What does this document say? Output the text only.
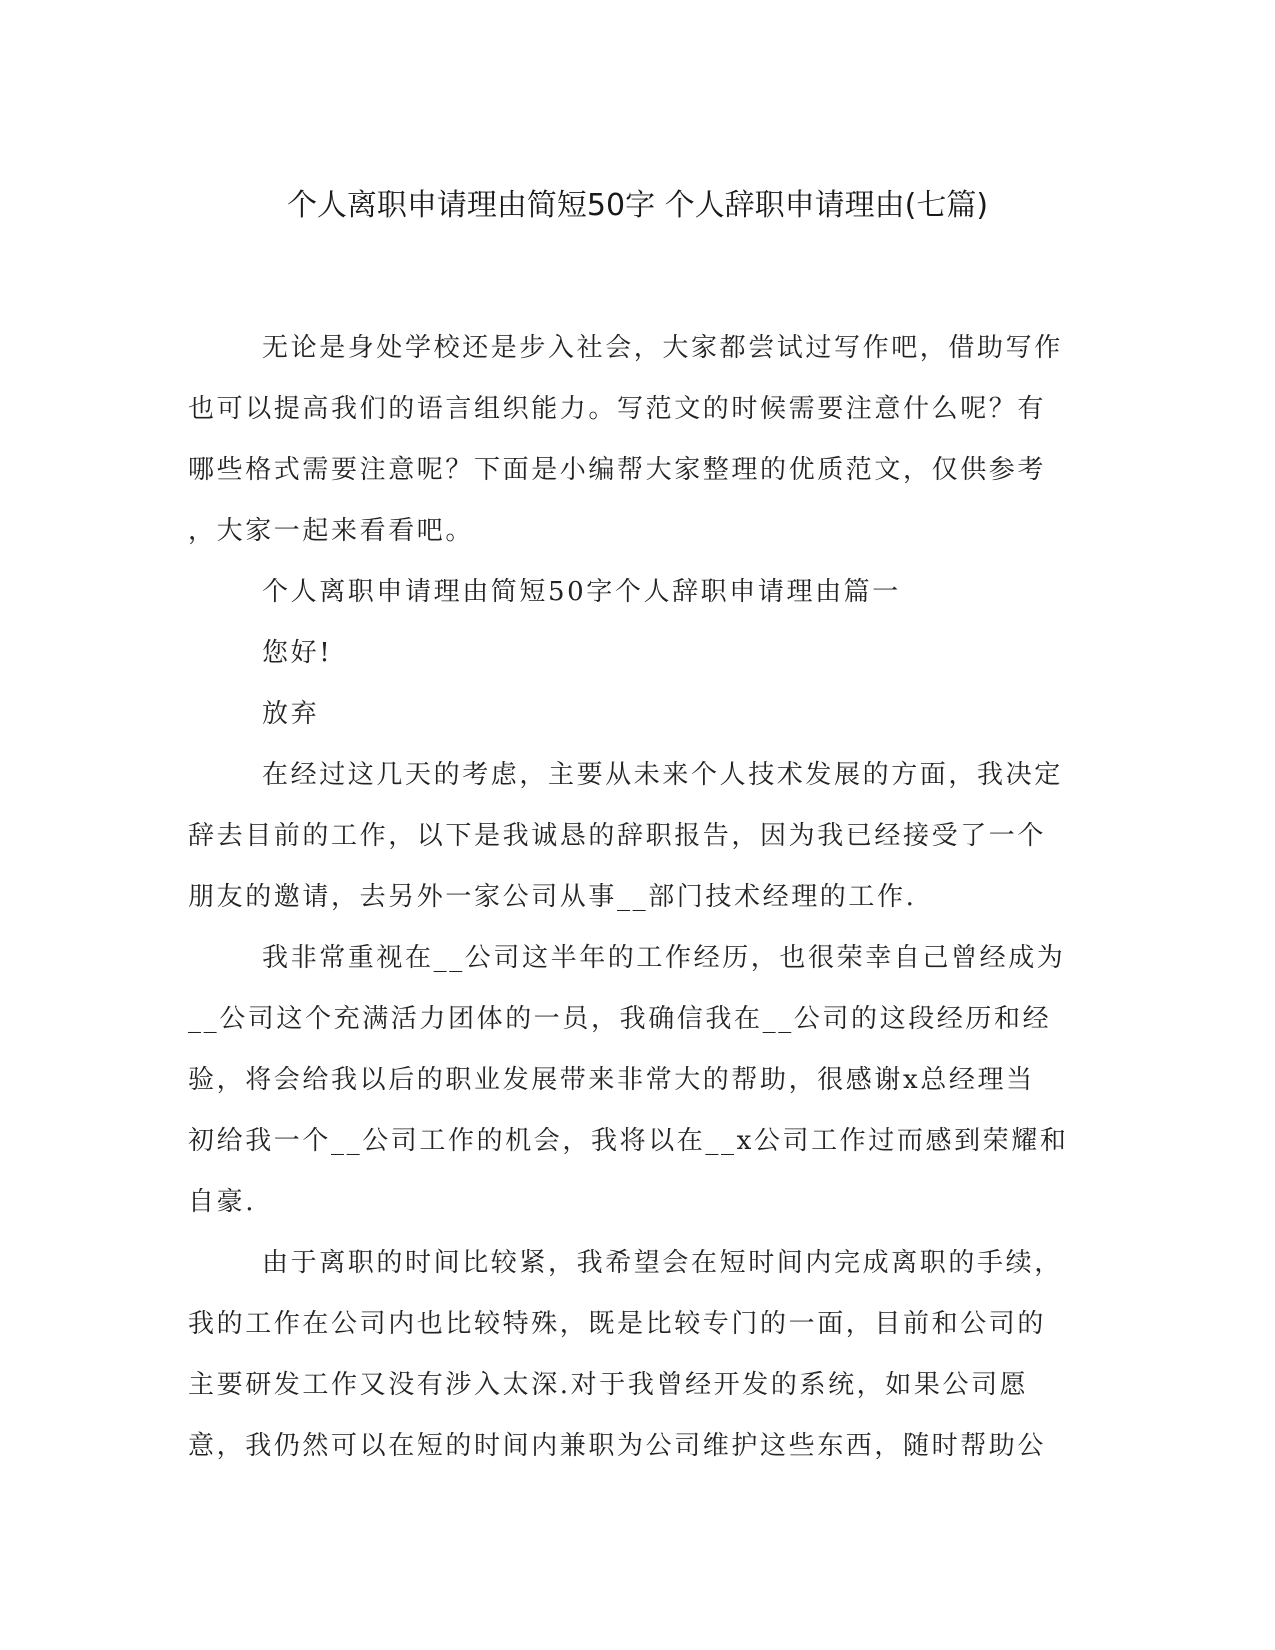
个人离职申请理由简短50字 个人辞职申请理由(七篇)
无论是身处学校还是步入社会，大家都尝试过写作吧，借助写作
也可以提高我们的语言组织能力。写范文的时候需要注意什么呢？有
哪些格式需要注意呢？下面是小编帮大家整理的优质范文，仅供参考
，大家一起来看看吧。
个人离职申请理由简短50字个人辞职申请理由篇一
您好!
放弃
在经过这几天的考虑，主要从未来个人技术发展的方面，我决定
辞去目前的工作，以下是我诚恳的辞职报告，因为我已经接受了一个
朋友的邀请，去另外一家公司从事__部门技术经理的工作.
我非常重视在__公司这半年的工作经历，也很荣幸自己曾经成为
__公司这个充满活力团体的一员，我确信我在__公司的这段经历和经
验，将会给我以后的职业发展带来非常大的帮助，很感谢x总经理当
初给我一个__公司工作的机会，我将以在__x公司工作过而感到荣耀和
自豪.
由于离职的时间比较紧，我希望会在短时间内完成离职的手续，
我的工作在公司内也比较特殊，既是比较专门的一面，目前和公司的
主要研发工作又没有涉入太深.对于我曾经开发的系统，如果公司愿
意，我仍然可以在短的时间内兼职为公司维护这些东西，随时帮助公
